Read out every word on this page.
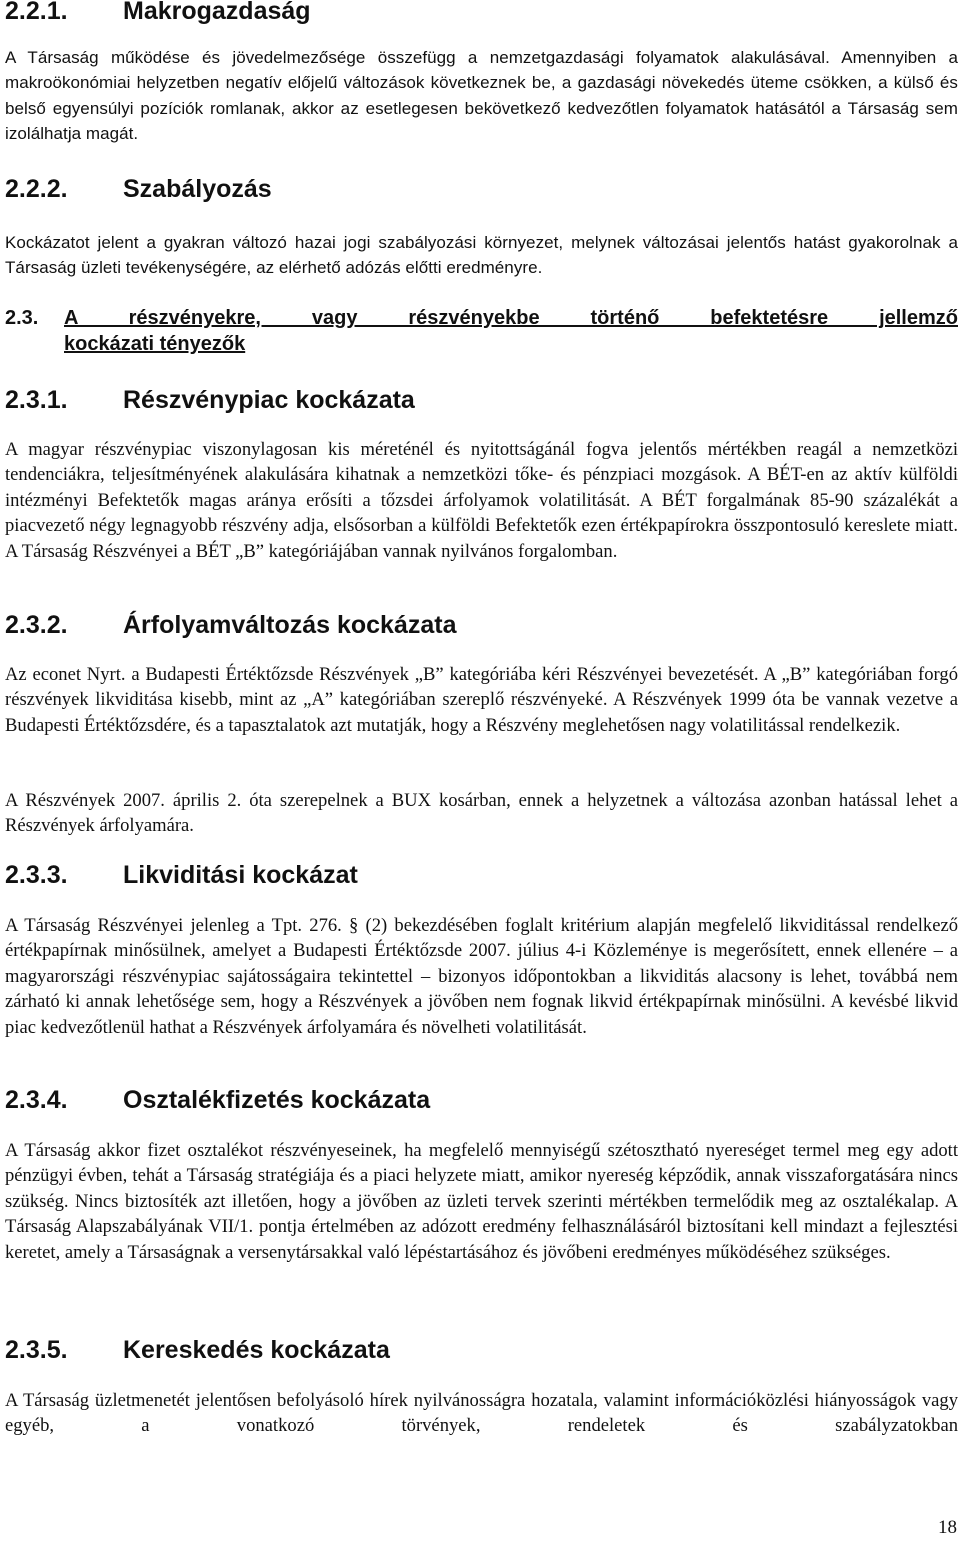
2.2.1. Makrogazdaság
A Társaság működése és jövedelmezősége összefügg a nemzetgazdasági folyamatok alakulásával. Amennyiben a makroökonómiai helyzetben negatív előjelű változások következnek be, a gazdasági növekedés üteme csökken, a külső és belső egyensúlyi pozíciók romlanak, akkor az esetlegesen bekövetkező kedvezőtlen folyamatok hatásától a Társaság sem izolálhatja magát.
2.2.2. Szabályozás
Kockázatot jelent a gyakran változó hazai jogi szabályozási környezet, melynek változásai jelentős hatást gyakorolnak a Társaság üzleti tevékenységére, az elérhető adózás előtti eredményre.
2.3.	A részvényekre, vagy részvényekbe történő befektetésre jellemző
kockázati tényezők
2.3.1. Részvénypiac kockázata
A magyar részvénypiac viszonylagosan kis méreténél és nyitottságánál fogva jelentős mértékben reagál a nemzetközi tendenciákra, teljesítményének alakulására kihatnak a nemzetközi tőke- és pénzpiaci mozgások. A BÉT-en az aktív külföldi intézményi Befektetők magas aránya erősíti a tőzsdei árfolyamok volatilitását. A BÉT forgalmának 85-90 százalékát a piacvezető négy legnagyobb részvény adja, elsősorban a külföldi Befektetők ezen értékpapírokra összpontosuló kereslete miatt. A Társaság Részvényei a BÉT „B” kategóriájában vannak nyilvános forgalomban.
2.3.2. Árfolyamváltozás kockázata
Az econet Nyrt. a Budapesti Értéktőzsde Részvények „B” kategóriába kéri Részvényei bevezetését. A „B” kategóriában forgó részvények likviditása kisebb, mint az „A” kategóriában szereplő részvényeké. A Részvények 1999 óta be vannak vezetve a Budapesti Értéktőzsdére, és a tapasztalatok azt mutatják, hogy a Részvény meglehetősen nagy volatilitással rendelkezik.
A Részvények 2007. április 2. óta szerepelnek a BUX kosárban, ennek a helyzetnek a változása azonban hatással lehet a Részvények árfolyamára.
2.3.3. Likviditási kockázat
A Társaság Részvényei jelenleg a Tpt. 276. § (2) bekezdésében foglalt kritérium alapján megfelelő likviditással rendelkező értékpapírnak minősülnek, amelyet a Budapesti Értéktőzsde 2007. július 4-i Közleménye is megerősített, ennek ellenére – a magyarországi részvénypiac sajátosságaira tekintettel – bizonyos időpontokban a likviditás alacsony is lehet, továbbá nem zárható ki annak lehetősége sem, hogy a Részvények a jövőben nem fognak likvid értékpapírnak minősülni. A kevésbé likvid piac kedvezőtlenül hathat a Részvények árfolyamára és növelheti volatilitását.
2.3.4. Osztalékfizetés kockázata
A Társaság akkor fizet osztalékot részvényeseinek, ha megfelelő mennyiségű szétosztható nyereséget termel meg egy adott pénzügyi évben, tehát a Társaság stratégiája és a piaci helyzete miatt, amikor nyereség képződik, annak visszaforgatására nincs szükség. Nincs biztosíték azt illetően, hogy a jövőben az üzleti tervek szerinti mértékben termelődik meg az osztalékalap. A Társaság Alapszabályának VII/1. pontja értelmében az adózott eredmény felhasználásáról biztosítani kell mindazt a fejlesztési keretet, amely a Társaságnak a versenytársakkal való lépéstartásához és jövőbeni eredményes működéséhez szükséges.
2.3.5. Kereskedés kockázata
A Társaság üzletmenetét jelentősen befolyásoló hírek nyilvánosságra hozatala, valamint információközlési hiányosságok vagy egyéb, a vonatkozó törvények, rendeletek és szabályzatokban
18
